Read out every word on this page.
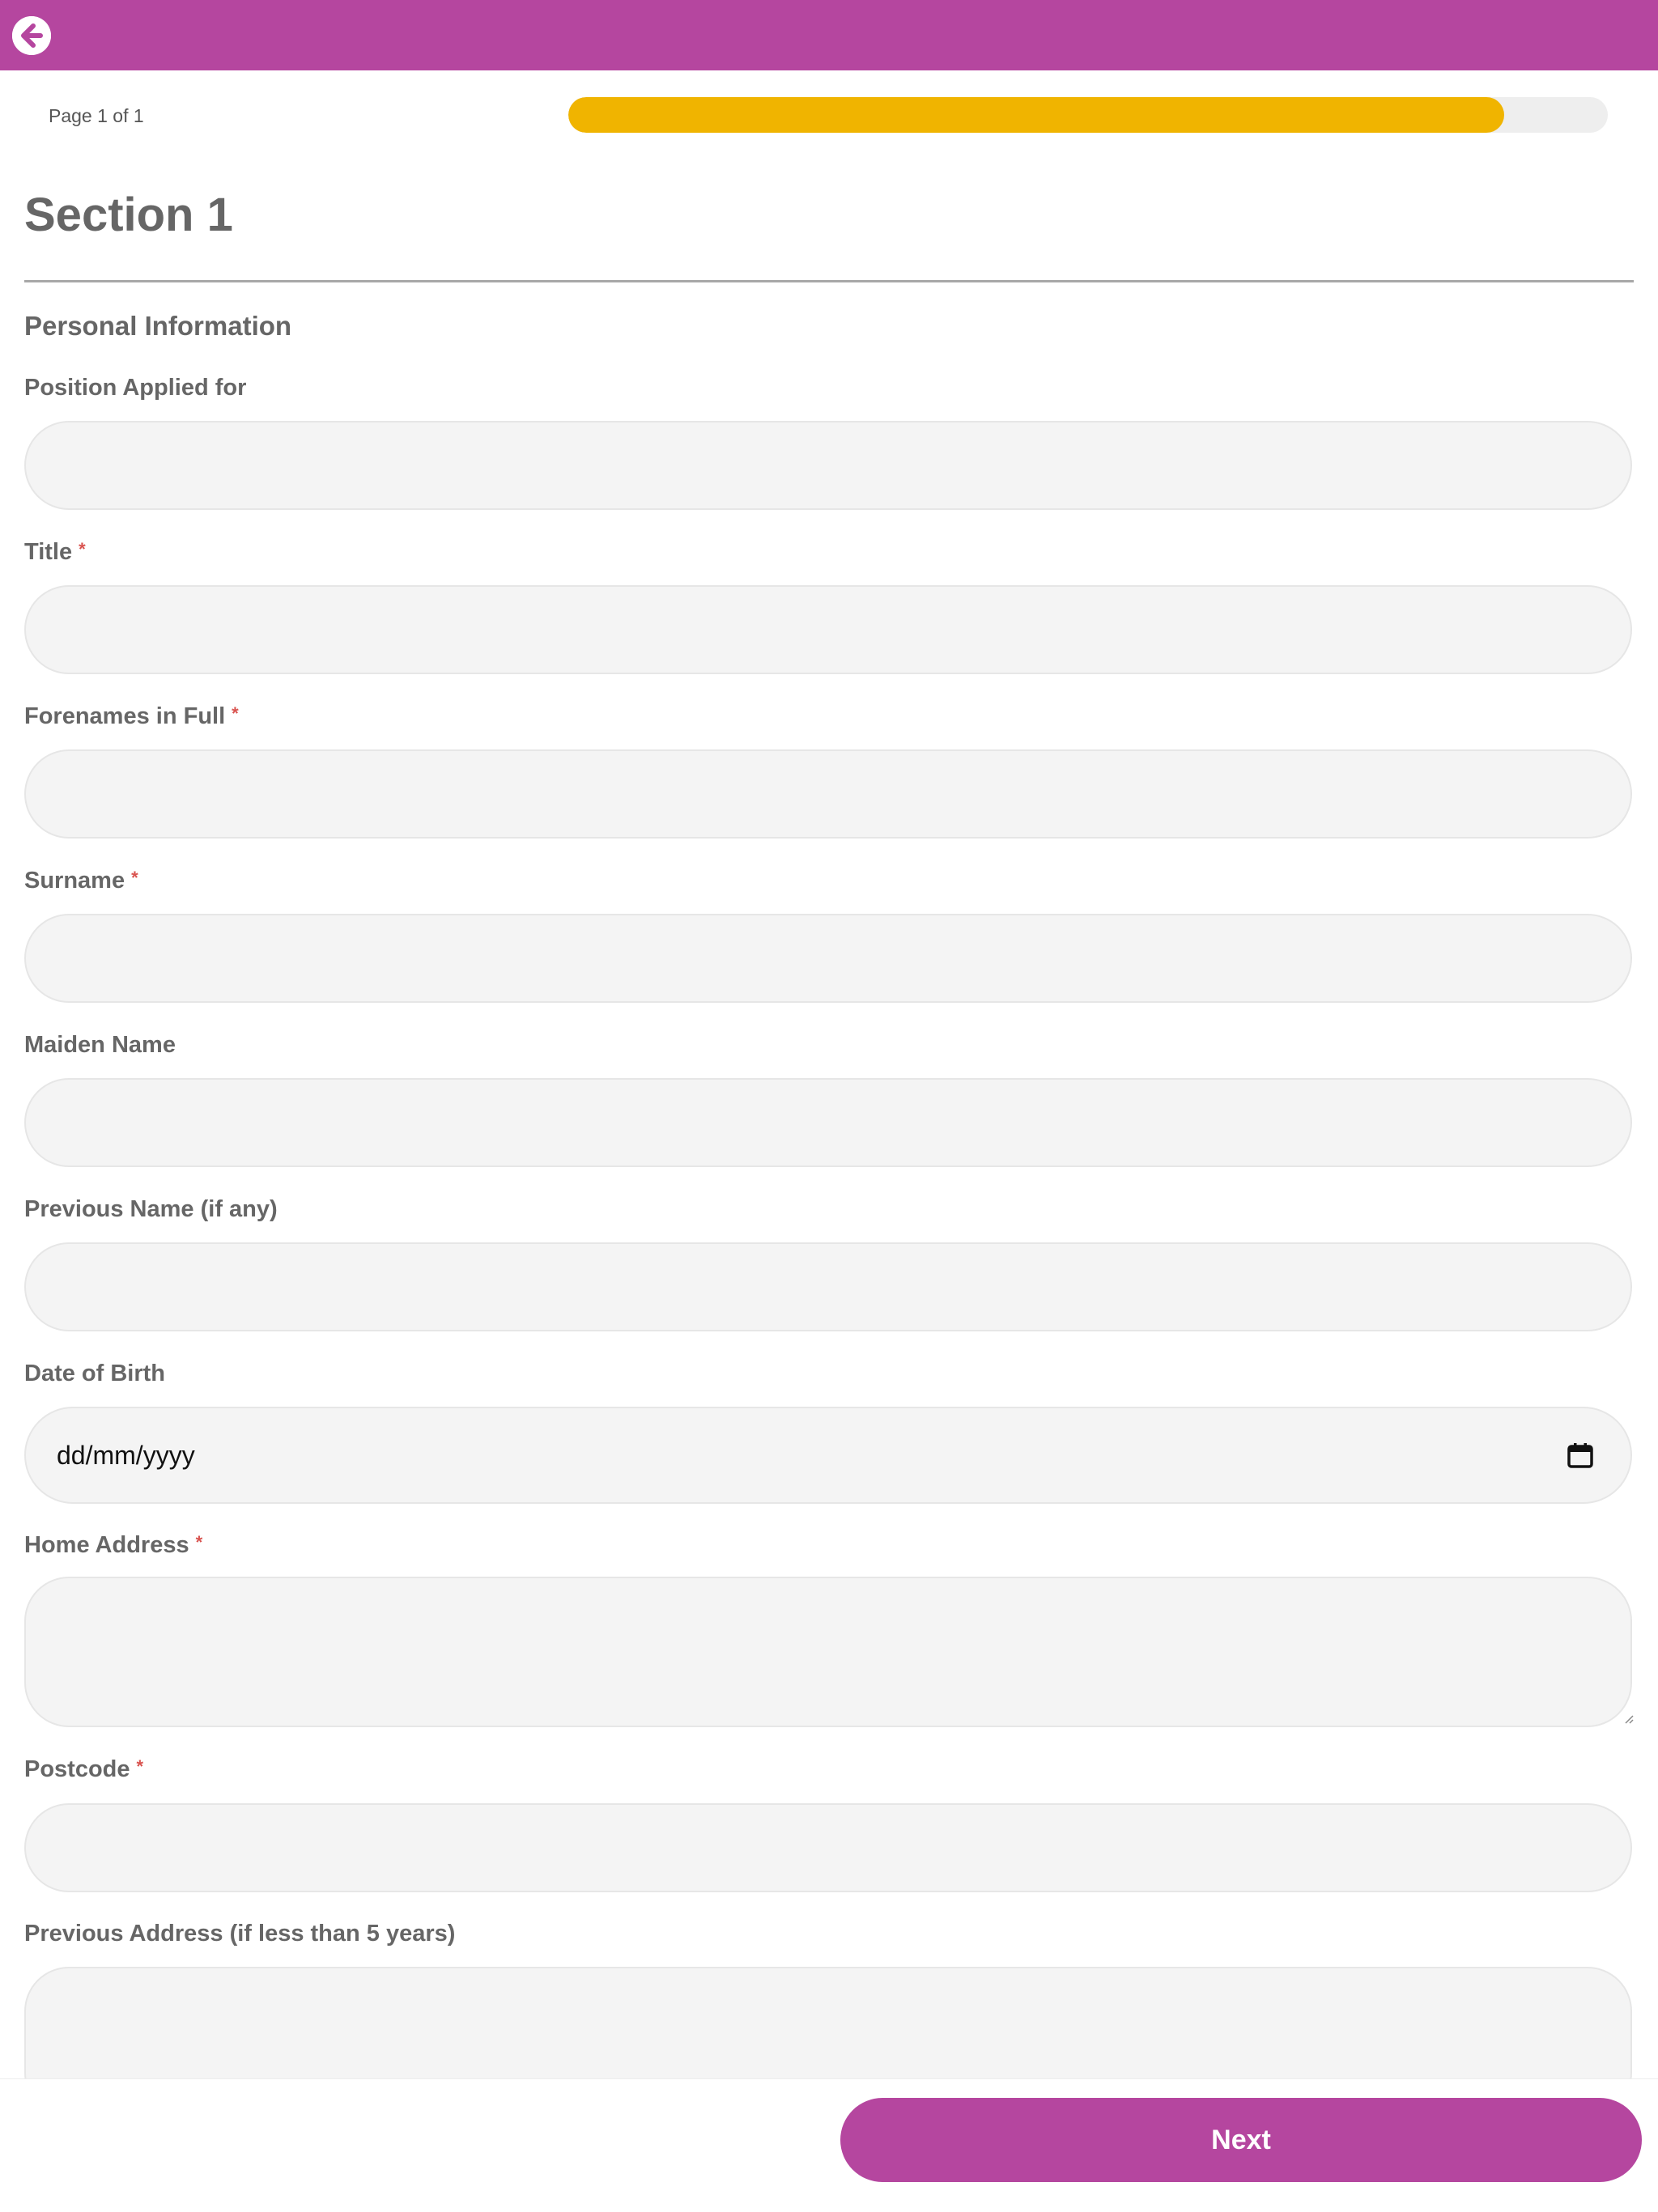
Page 1 of 1
Section 1
Personal Information
Position Applied for
Title *
Forenames in Full *
Surname *
Maiden Name
Previous Name (if any)
Date of Birth
dd/mm/yyyy
Home Address *
Postcode *
Previous Address (if less than 5 years)
Next
